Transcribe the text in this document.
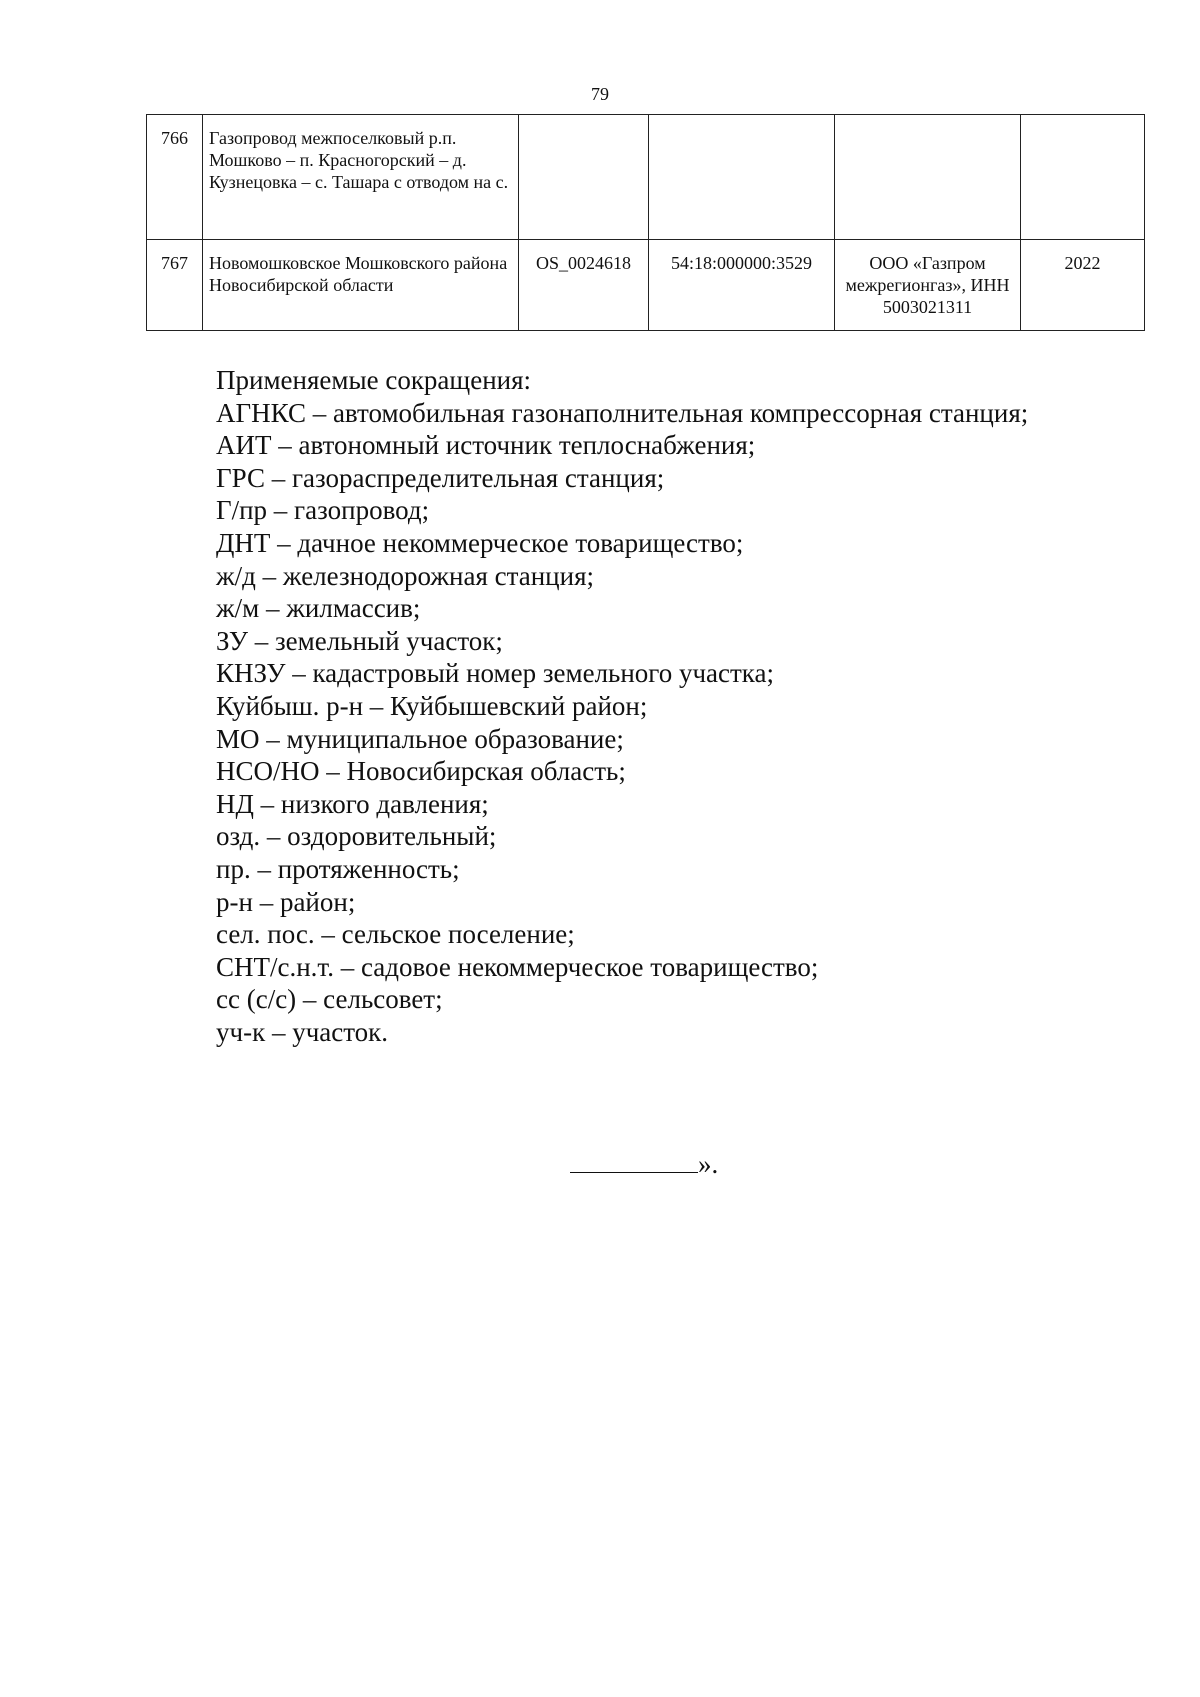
79
766	Газопровод межпоселковый р.п. Мошково – п. Красногорский – д. Кузнецовка – с. Ташара с отводом на с.				
767	Новомошковское Мошковского района Новосибирской области	OS_0024618	54:18:000000:3529	ООО «Газпром межрегионгаз», ИНН 5003021311	2022
Применяемые сокращения:
АГНКС – автомобильная газонаполнительная компрессорная станция;
АИТ – автономный источник теплоснабжения;
ГРС – газораспределительная станция;
Г/пр – газопровод;
ДНТ – дачное некоммерческое товарищество;
ж/д – железнодорожная станция;
ж/м – жилмассив;
ЗУ – земельный участок;
КНЗУ – кадастровый номер земельного участка;
Куйбыш. р-н – Куйбышевский район;
МО – муниципальное образование;
НСО/НО – Новосибирская область;
НД – низкого давления;
озд. – оздоровительный;
пр. – протяженность;
р-н – район;
сел. пос. – сельское поселение;
СНТ/с.н.т. – садовое некоммерческое товарищество;
сс (с/с) – сельсовет;
уч-к – участок.
».
